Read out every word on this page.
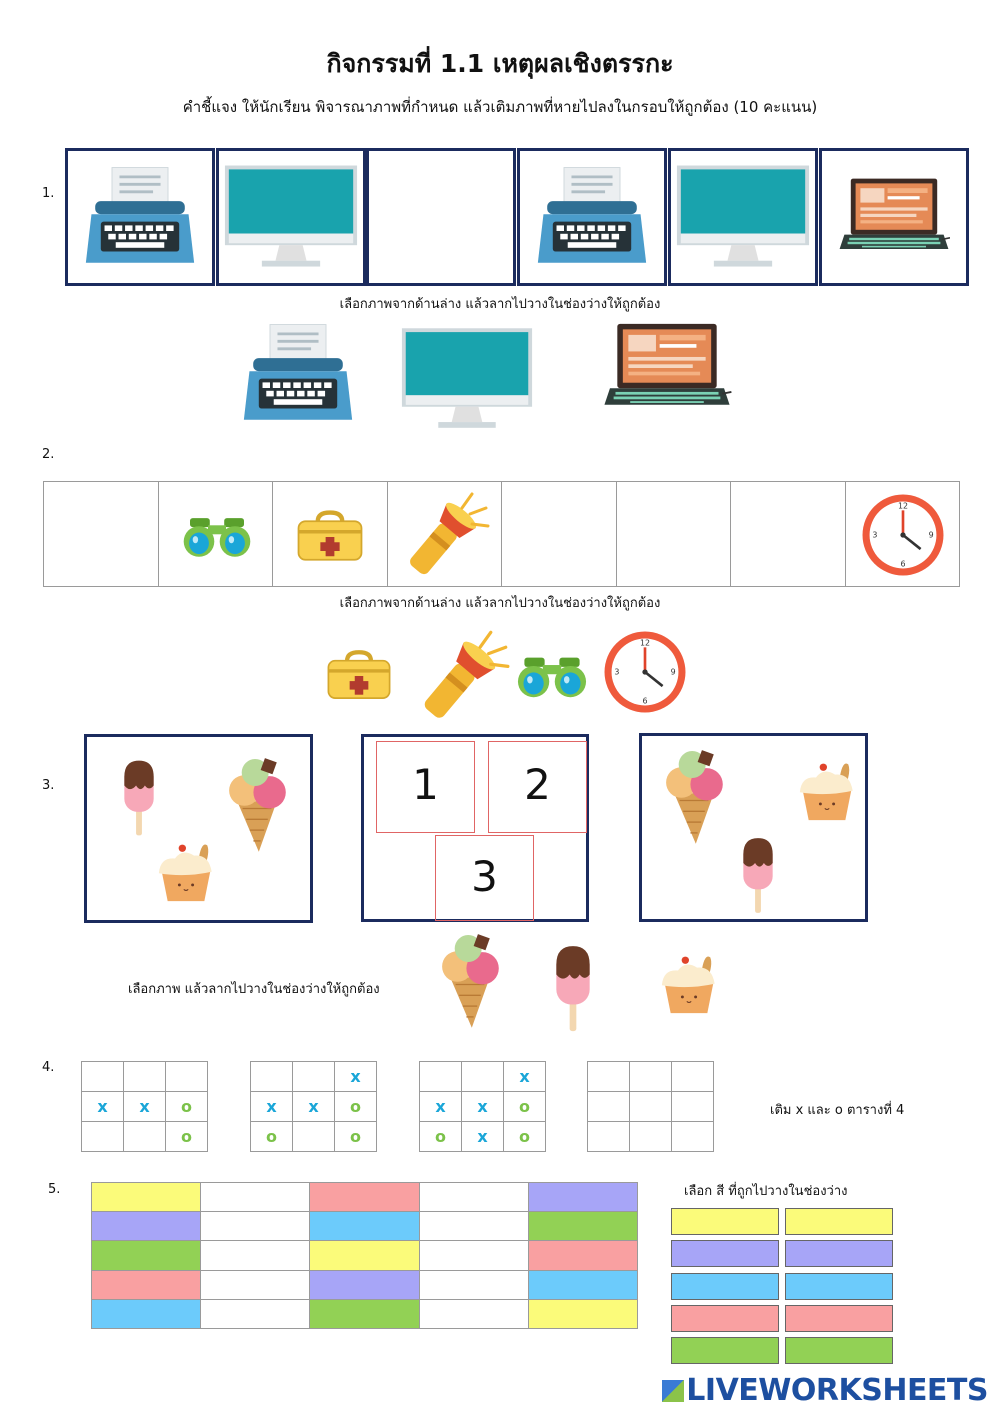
กิจกรรมที่ 1.1 เหตุผลเชิงตรรกะ
คำชี้แจง ให้นักเรียน พิจารณาภาพที่กำหนด แล้วเติมภาพที่หายไปลงในกรอบให้ถูกต้อง (10 คะแนน)
1.
เลือกภาพจากด้านล่าง แล้วลากไปวางในช่องว่างให้ถูกต้อง
2.
เลือกภาพจากด้านล่าง แล้วลากไปวางในช่องว่างให้ถูกต้อง
3.	1	2
3
เลือกภาพ แล้วลากไปวางในช่องว่างให้ถูกต้อง
4.

x	x	o
		o
		x
x	x	o
o		o
		x
x	x	o
o	x	o

เติม x และ o ตารางที่ 4
5.	เลือก สี ที่ถูกไปวางในช่องว่าง
LIVEWORKSHEETS
